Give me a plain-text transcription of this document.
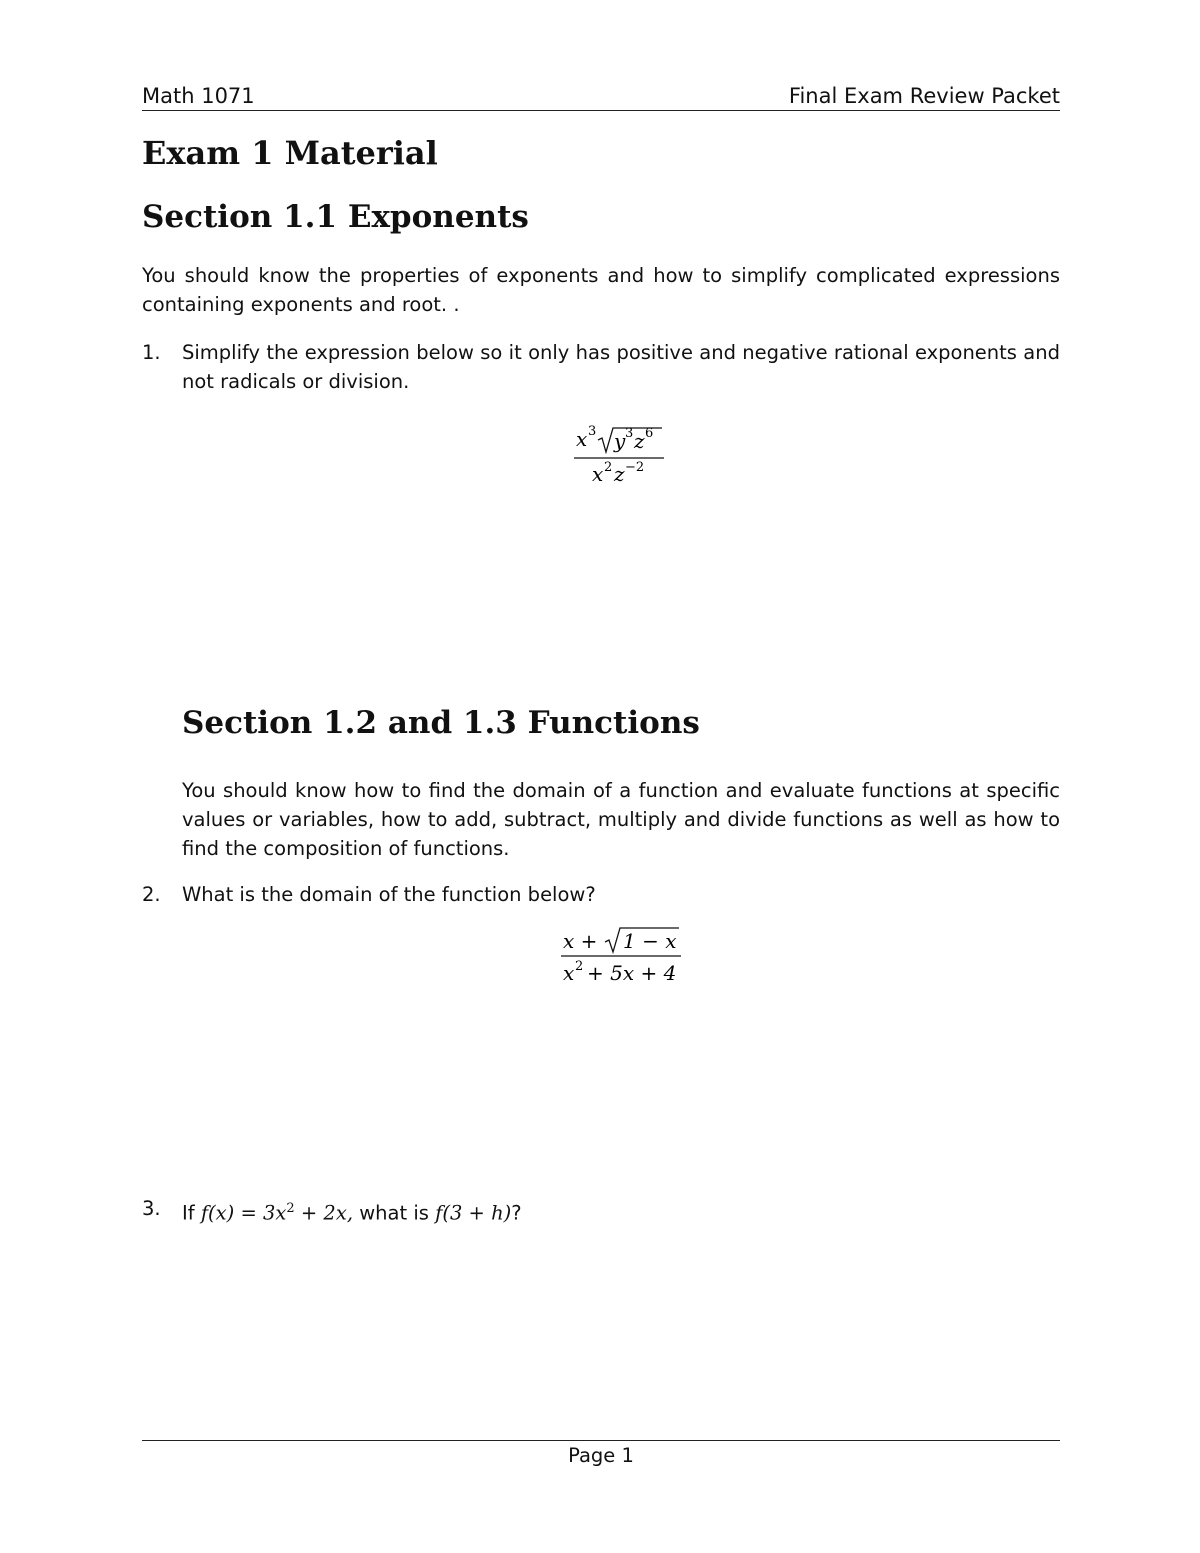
Math 1071	Final Exam Review Packet
Exam 1 Material
Section 1.1 Exponents

You should know the properties of exponents and how to simplify complicated expressions containing exponents and root. .

1. Simplify the expression below so it only has positive and negative rational exponents and not radicals or division.
x 3 y 3 z 6
x 2 z −2
Section 1.2 and 1.3 Functions

You should know how to find the domain of a function and evaluate functions at specific values or variables, how to add, subtract, multiply and divide functions as well as how to find the composition of functions.

2. What is the domain of the function below?
x + 1 − x
x 2 + 5x + 4
3. If $f(x) = 3x^2 + 2x$, what is f(3 + h)?
Page 1
